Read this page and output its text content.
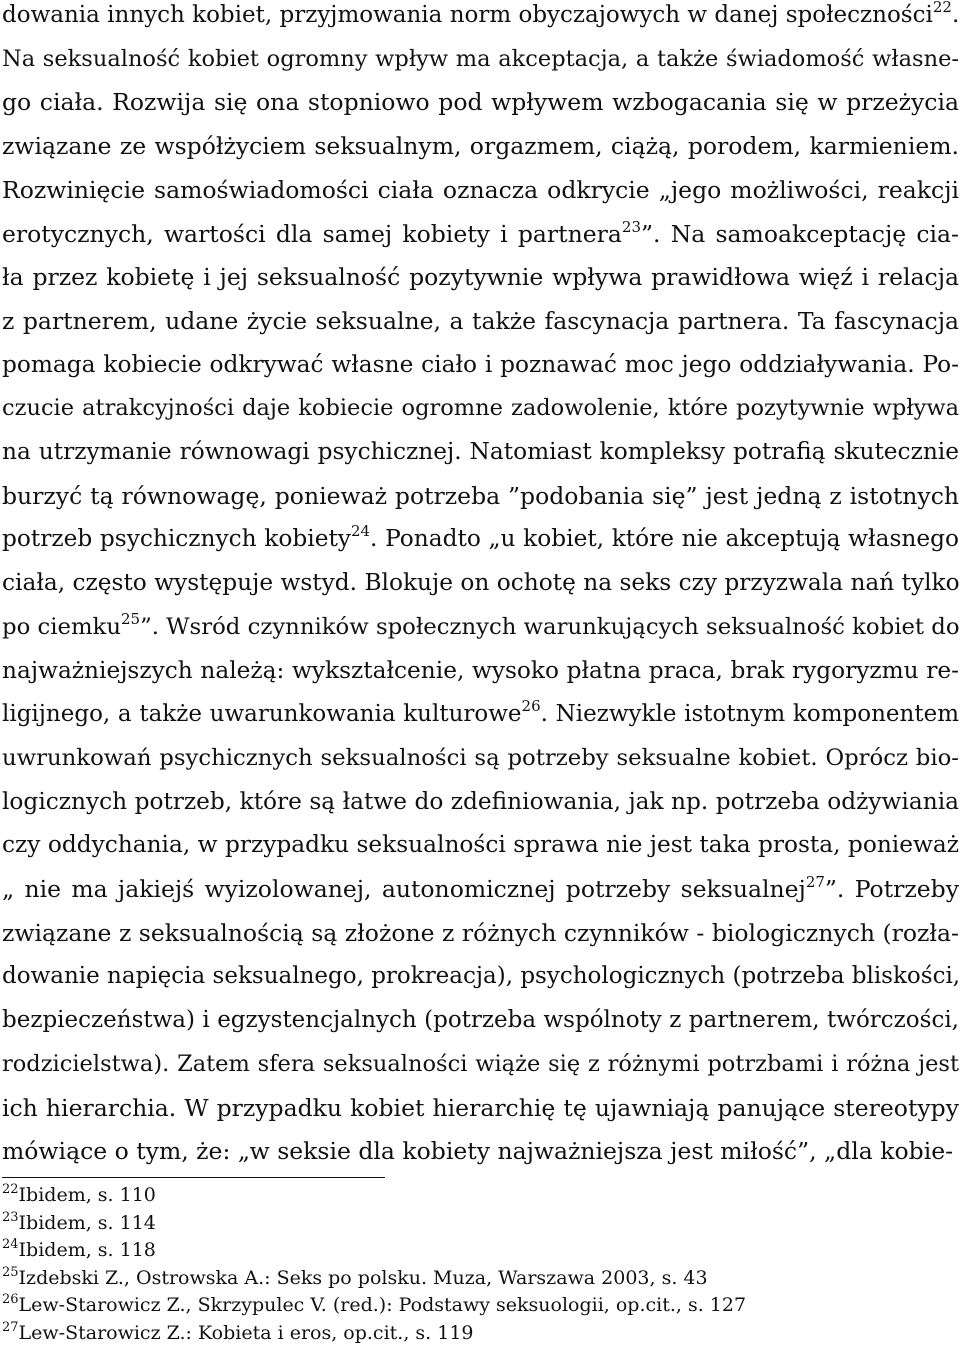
dowania innych kobiet, przyjmowania norm obyczajowych w danej społeczności$^{22}$.
Na seksualność kobiet ogromny wpływ ma akceptacja, a także świadomość własne-
go ciała. Rozwija się ona stopniowo pod wpływem wzbogacania się w przeżycia
związane ze współżyciem seksualnym, orgazmem, ciążą, porodem, karmieniem.
Rozwinięcie samoświadomości ciała oznacza odkrycie „jego możliwości, reakcji
erotycznych, wartości dla samej kobiety i partnera$^{23}$”. Na samoakceptację cia-
ła przez kobietę i jej seksualność pozytywnie wpływa prawidłowa więź i relacja
z partnerem, udane życie seksualne, a także fascynacja partnera. Ta fascynacja
pomaga kobiecie odkrywać własne ciało i poznawać moc jego oddziaływania. Po-
czucie atrakcyjności daje kobiecie ogromne zadowolenie, które pozytywnie wpływa
na utrzymanie równowagi psychicznej. Natomiast kompleksy potrafią skutecznie
burzyć tą równowagę, ponieważ potrzeba ”podobania się” jest jedną z istotnych
potrzeb psychicznych kobiety$^{24}$. Ponadto „u kobiet, które nie akceptują własnego
ciała, często występuje wstyd. Blokuje on ochotę na seks czy przyzwala nań tylko
po ciemku$^{25}$”. Wsród czynników społecznych warunkujących seksualność kobiet do
najważniejszych należą: wykształcenie, wysoko płatna praca, brak rygoryzmu re-
ligijnego, a także uwarunkowania kulturowe$^{26}$. Niezwykle istotnym komponentem
uwrunkowań psychicznych seksualności są potrzeby seksualne kobiet. Oprócz bio-
logicznych potrzeb, które są łatwe do zdefiniowania, jak np. potrzeba odżywiania
czy oddychania, w przypadku seksualności sprawa nie jest taka prosta, ponieważ
„ nie ma jakiejś wyizolowanej, autonomicznej potrzeby seksualnej$^{27}$”. Potrzeby
związane z seksualnością są złożone z różnych czynników - biologicznych (rozła-
dowanie napięcia seksualnego, prokreacja), psychologicznych (potrzeba bliskości,
bezpieczeństwa) i egzystencjalnych (potrzeba wspólnoty z partnerem, twórczości,
rodzicielstwa). Zatem sfera seksualności wiąże się z różnymi potrzbami i różna jest
ich hierarchia. W przypadku kobiet hierarchię tę ujawniają panujące stereotypy
mówiące o tym, że: „w seksie dla kobiety najważniejsza jest miłość”, „dla kobie-
$^{22}$Ibidem, s. 110
$^{23}$Ibidem, s. 114
$^{24}$Ibidem, s. 118
$^{25}$Izdebski Z., Ostrowska A.: Seks po polsku. Muza, Warszawa 2003, s. 43
$^{26}$Lew-Starowicz Z., Skrzypulec V. (red.): Podstawy seksuologii, op.cit., s. 127
$^{27}$Lew-Starowicz Z.: Kobieta i eros, op.cit., s. 119
